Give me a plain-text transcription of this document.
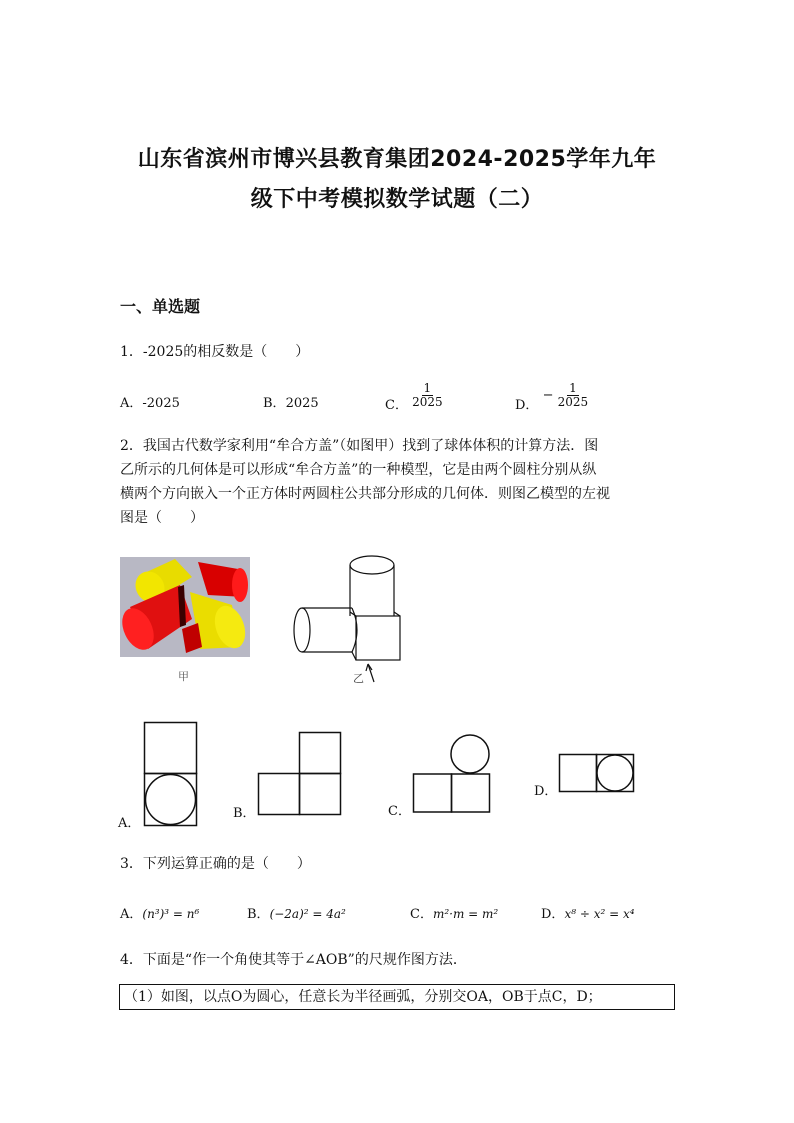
山东省滨州市博兴县教育集团2024-2025学年九年
级下中考模拟数学试题（二）
一、单选题
1．-2025的相反数是（　　）
A．-2025	B．2025	C． $\frac{1}{2025}$	D． − $\frac{1}{2025}$
2．我国古代数学家利用“牟合方盖”（如图甲）找到了球体体积的计算方法．图
乙所示的几何体是可以形成“牟合方盖”的一种模型，它是由两个圆柱分别从纵
横两个方向嵌入一个正方体时两圆柱公共部分形成的几何体．则图乙模型的左视
图是（　　）
甲	乙
A．
B．	C．
D．
3．下列运算正确的是（　　）
A．(n³)³ = n⁶	B．(−2a)² = 4a²	C．m²·m = m²	D．x⁸ ÷ x² = x⁴
4．下面是“作一个角使其等于∠AOB”的尺规作图方法．
（1）如图，以点O为圆心，任意长为半径画弧，分别交OA，OB于点C，D；
